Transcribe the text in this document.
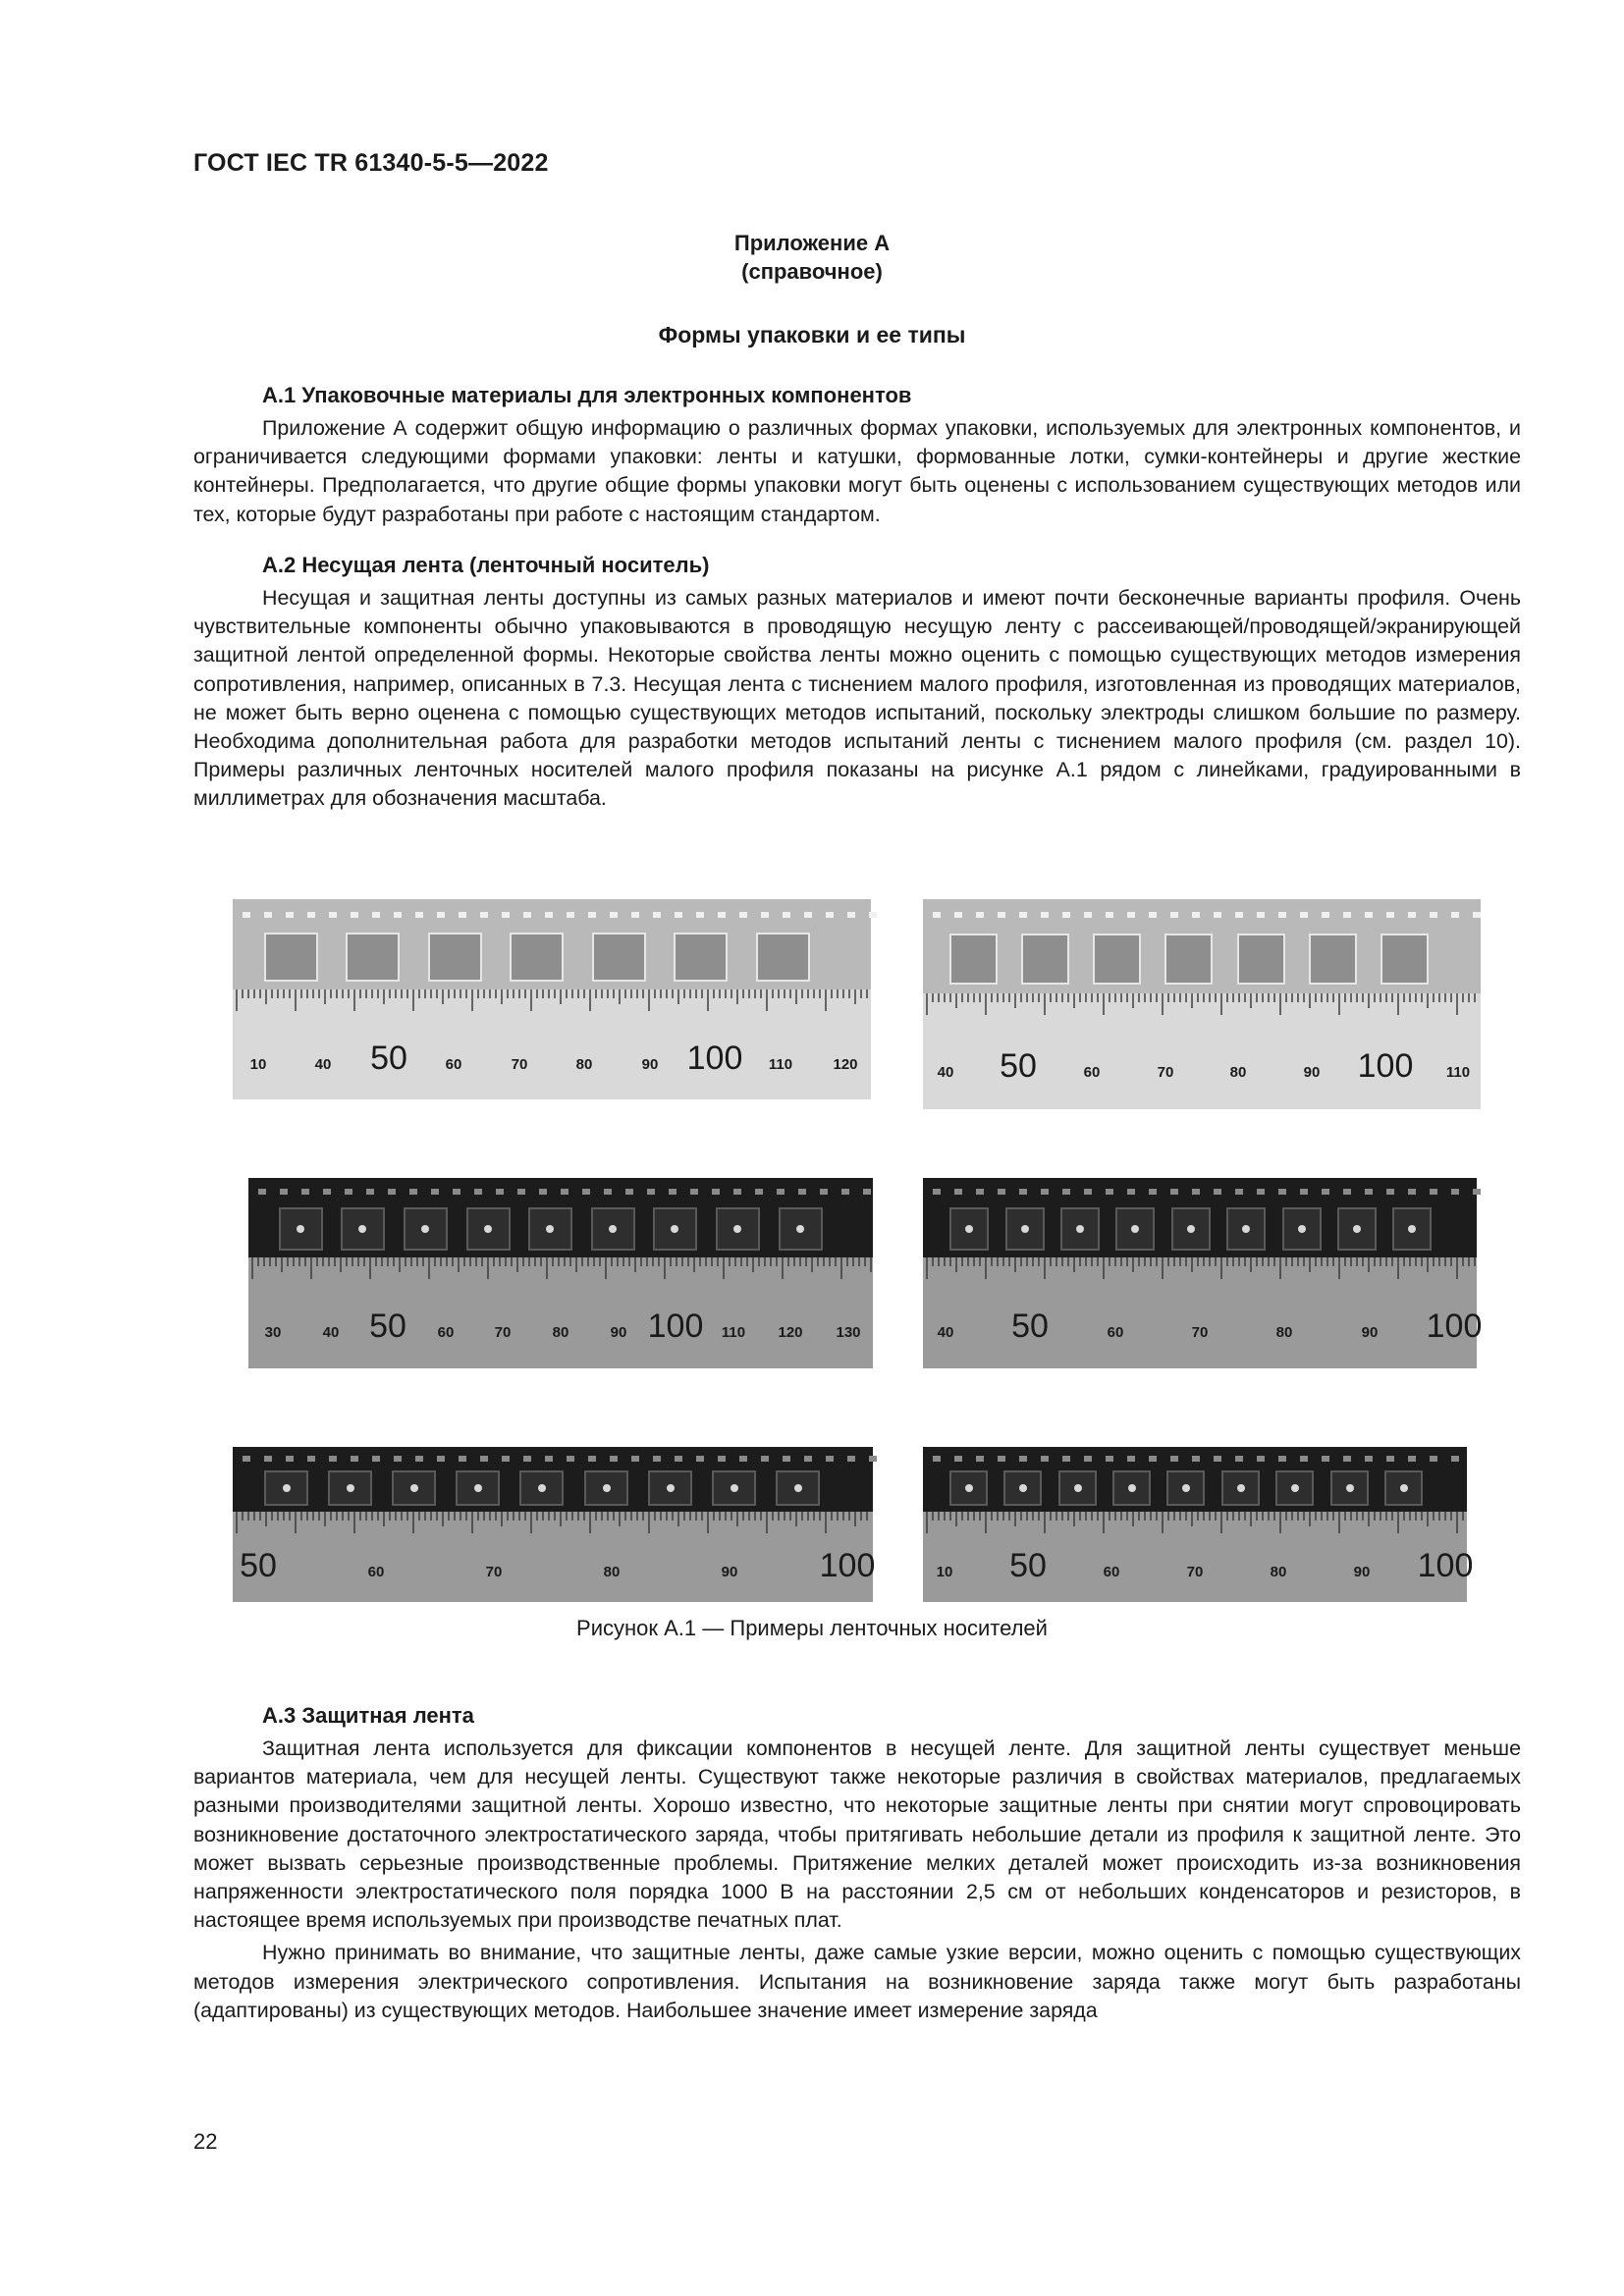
ГОСТ IEC TR 61340-5-5—2022
Приложение А
(справочное)
Формы упаковки и ее типы
А.1 Упаковочные материалы для электронных компонентов

Приложение А содержит общую информацию о различных формах упаковки, используемых для электронных компонентов, и ограничивается следующими формами упаковки: ленты и катушки, формованные лотки, сумки-контейнеры и другие жесткие контейнеры. Предполагается, что другие общие формы упаковки могут быть оценены с использованием существующих методов или тех, которые будут разработаны при работе с настоящим стандартом.

А.2 Несущая лента (ленточный носитель)

Несущая и защитная ленты доступны из самых разных материалов и имеют почти бесконечные варианты профиля. Очень чувствительные компоненты обычно упаковываются в проводящую несущую ленту с рассеивающей/проводящей/экранирующей защитной лентой определенной формы. Некоторые свойства ленты можно оценить с помощью существующих методов измерения сопротивления, например, описанных в 7.3. Несущая лента с тиснением малого профиля, изготовленная из проводящих материалов, не может быть верно оценена с помощью существующих методов испытаний, поскольку электроды слишком большие по размеру. Необходима дополнительная работа для разработки методов испытаний ленты с тиснением малого профиля (см. раздел 10). Примеры различных ленточных носителей малого профиля показаны на рисунке А.1 рядом с линейками, градуированными в миллиметрах для обозначения масштаба.

10	40 50	60	70	80	90 100 110	120	40 50	60	70	80	90 100 110
30	40 50 60	70	80	90 100 110 120 130	40 50	60	70	80	90 100
50	60	70	80	90 100	10 50	60	70	80	90 100
Рисунок А.1 — Примеры ленточных носителей
А.3 Защитная лента

Защитная лента используется для фиксации компонентов в несущей ленте. Для защитной ленты существует меньше вариантов материала, чем для несущей ленты. Существуют также некоторые различия в свойствах материалов, предлагаемых разными производителями защитной ленты. Хорошо известно, что некоторые защитные ленты при снятии могут спровоцировать возникновение достаточного электростатического заряда, чтобы притягивать небольшие детали из профиля к защитной ленте. Это может вызвать серьезные производственные проблемы. Притяжение мелких деталей может происходить из-за возникновения напряженности электростатического поля порядка 1000 В на расстоянии 2,5 см от небольших конденсаторов и резисторов, в настоящее время используемых при производстве печатных плат.

Нужно принимать во внимание, что защитные ленты, даже самые узкие версии, можно оценить с помощью существующих методов измерения электрического сопротивления. Испытания на возникновение заряда также могут быть разработаны (адаптированы) из существующих методов. Наибольшее значение имеет измерение заряда

22
